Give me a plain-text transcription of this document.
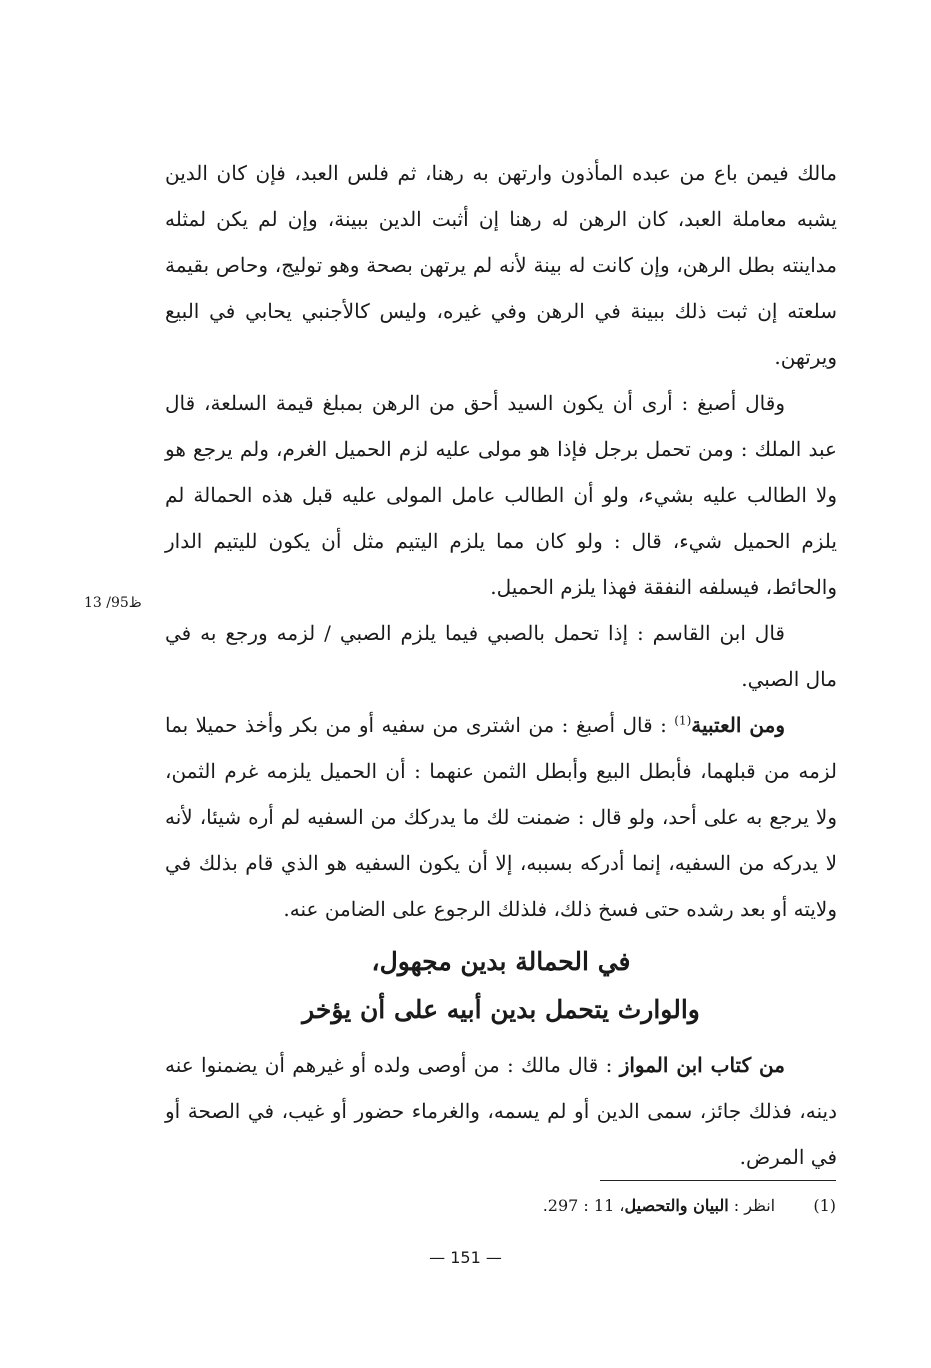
مالك فيمن باع من عبده المأذون وارتهن به رهنا، ثم فلس العبد، فإن كان الدين يشبه معاملة العبد، كان الرهن له رهنا إن أثبت الدين ببينة، وإن لم يكن لمثله مداينته بطل الرهن، وإن كانت له بينة لأنه لم يرتهن بصحة وهو توليج، وحاص بقيمة سلعته إن ثبت ذلك ببينة في الرهن وفي غيره، وليس كالأجنبي يحابي في البيع ويرتهن.

وقال أصبغ : أرى أن يكون السيد أحق من الرهن بمبلغ قيمة السلعة، قال عبد الملك : ومن تحمل برجل فإذا هو مولى عليه لزم الحميل الغرم، ولم يرجع هو ولا الطالب عليه بشيء، ولو أن الطالب عامل المولى عليه قبل هذه الحمالة لم يلزم الحميل شيء، قال : ولو كان مما يلزم اليتيم مثل أن يكون لليتيم الدار والحائط، فيسلفه النفقة فهذا يلزم الحميل.

قال ابن القاسم : إذا تحمل بالصبي فيما يلزم الصبي / لزمه ورجع به في مال الصبي.

ومن العتبية$^{(1)}$ : قال أصبغ : من اشترى من سفيه أو من بكر وأخذ حميلا بما لزمه من قبلهما، فأبطل البيع وأبطل الثمن عنهما : أن الحميل يلزمه غرم الثمن، ولا يرجع به على أحد، ولو قال : ضمنت لك ما يدركك من السفيه لم أره شيئا، لأنه لا يدركه من السفيه، إنما أدركه بسببه، إلا أن يكون السفيه هو الذي قام بذلك في ولايته أو بعد رشده حتى فسخ ذلك، فلذلك الرجوع على الضامن عنه.

13 /95ظ
في الحمالة بدين مجهول،
والوارث يتحمل بدين أبيه على أن يؤخر

من كتاب ابن المواز : قال مالك : من أوصى ولده أو غيرهم أن يضمنوا عنه دينه، فذلك جائز، سمى الدين أو لم يسمه، والغرماء حضور أو غيب، في الصحة أو في المرض.

(1)  انظر : البيان والتحصيل، 11 : 297.
— 151 —
